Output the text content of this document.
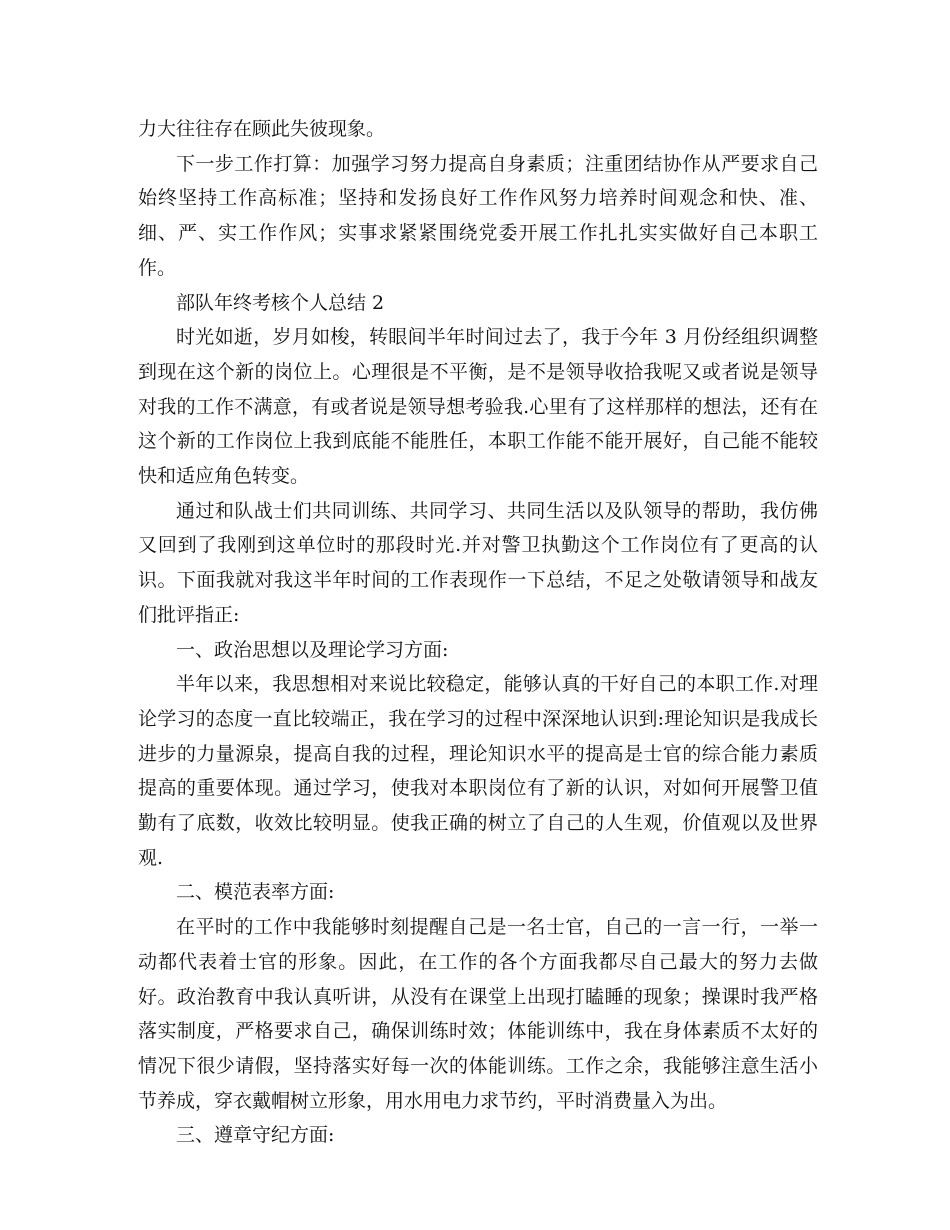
力大往往存在顾此失彼现象。

下一步工作打算：加强学习努力提高自身素质；注重团结协作从严要求自己始终坚持工作高标准；坚持和发扬良好工作作风努力培养时间观念和快、准、细、严、实工作作风；实事求紧紧围绕党委开展工作扎扎实实做好自己本职工作。

部队年终考核个人总结 2

时光如逝，岁月如梭，转眼间半年时间过去了，我于今年 3 月份经组织调整到现在这个新的岗位上。心理很是不平衡，是不是领导收拾我呢又或者说是领导对我的工作不满意，有或者说是领导想考验我.心里有了这样那样的想法，还有在这个新的工作岗位上我到底能不能胜任，本职工作能不能开展好，自己能不能较快和适应角色转变。

通过和队战士们共同训练、共同学习、共同生活以及队领导的帮助，我仿佛又回到了我刚到这单位时的那段时光.并对警卫执勤这个工作岗位有了更高的认识。下面我就对我这半年时间的工作表现作一下总结，不足之处敬请领导和战友们批评指正:

一、政治思想以及理论学习方面:

半年以来，我思想相对来说比较稳定，能够认真的干好自己的本职工作.对理论学习的态度一直比较端正，我在学习的过程中深深地认识到:理论知识是我成长进步的力量源泉，提高自我的过程，理论知识水平的提高是士官的综合能力素质提高的重要体现。通过学习，使我对本职岗位有了新的认识，对如何开展警卫值勤有了底数，收效比较明显。使我正确的树立了自己的人生观，价值观以及世界观.

二、模范表率方面:

在平时的工作中我能够时刻提醒自己是一名士官，自己的一言一行，一举一动都代表着士官的形象。因此，在工作的各个方面我都尽自己最大的努力去做好。政治教育中我认真听讲，从没有在课堂上出现打瞌睡的现象；操课时我严格落实制度，严格要求自己，确保训练时效；体能训练中，我在身体素质不太好的情况下很少请假，坚持落实好每一次的体能训练。工作之余，我能够注意生活小节养成，穿衣戴帽树立形象，用水用电力求节约，平时消费量入为出。

三、遵章守纪方面:
